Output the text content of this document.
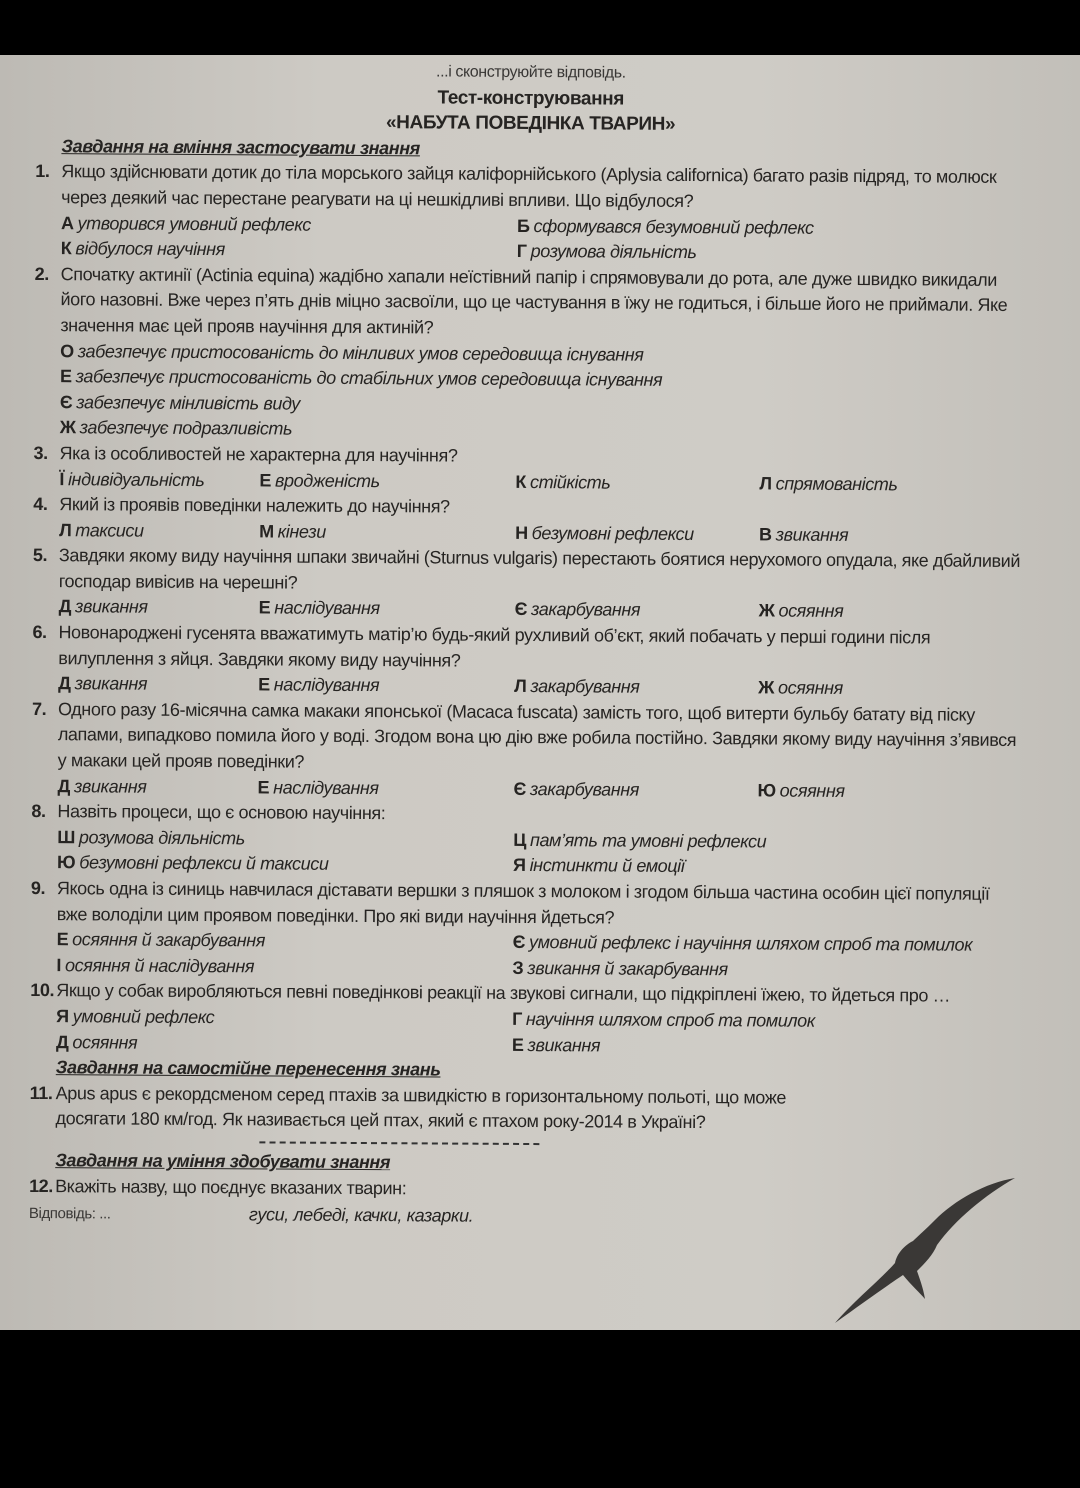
...і сконструюйте відповідь.
Тест-конструювання
«НАБУТА ПОВЕДІНКА ТВАРИН»
Завдання на вміння застосувати знання
1. Якщо здійснювати дотик до тіла морського зайця каліфорнійського (Aplysia californica) багато разів підряд, то молюск через деякий час перестане реагувати на ці нешкідливі впливи. Що відбулося?
А утворився умовний рефлекс	Б сформувався безумовний рефлекс
К відбулося научіння	Г розумова діяльність
2. Спочатку актинії (Actinia equina) жадібно хапали неїстівний папір і спрямовували до рота, але дуже швидко викидали його назовні. Вже через п’ять днів міцно засвоїли, що це частування в їжу не годиться, і більше його не приймали. Яке значення має цей прояв научіння для актиній?
О забезпечує пристосованість до мінливих умов середовища існування
Е забезпечує пристосованість до стабільних умов середовища існування
Є забезпечує мінливість виду
Ж забезпечує подразливість
3. Яка із особливостей не характерна для научіння?
Ї індивідуальність	Е вродженість	К стійкість	Л спрямованість
4. Який із проявів поведінки належить до научіння?
Л таксиси	М кінези	Н безумовні рефлекси	В звикання
5. Завдяки якому виду научіння шпаки звичайні (Sturnus vulgaris) перестають боятися нерухомого опудала, яке дбайливий господар вивісив на черешні?
Д звикання	Е наслідування	Є закарбування	Ж осяяння
6. Новонароджені гусенята вважатимуть матір’ю будь-який рухливий об’єкт, який побачать у перші години після вилуплення з яйця. Завдяки якому виду научіння?
Д звикання	Е наслідування	Л закарбування	Ж осяяння
7. Одного разу 16-місячна самка макаки японської (Macaca fuscata) замість того, щоб витерти бульбу батату від піску лапами, випадково помила його у воді. Згодом вона цю дію вже робила постійно. Завдяки якому виду научіння з’явився у макаки цей прояв поведінки?
Д звикання	Е наслідування	Є закарбування	Ю осяяння
8. Назвіть процеси, що є основою научіння:
Ш розумова діяльність	Ц пам’ять та умовні рефлекси
Ю безумовні рефлекси й таксиси	Я інстинкти й емоції
9. Якось одна із синиць навчилася діставати вершки з пляшок з молоком і згодом більша частина особин цієї популяції вже володіли цим проявом поведінки. Про які види научіння йдеться?
Е осяяння й закарбування	Є умовний рефлекс і научіння шляхом спроб та помилок
І осяяння й наслідування	З звикання й закарбування
10. Якщо у собак виробляються певні поведінкові реакції на звукові сигнали, що підкріплені їжею, то йдеться про …
Я умовний рефлекс	Г научіння шляхом спроб та помилок
Д осяяння	Е звикання
Завдання на самостійне перенесення знань
11. Apus apus є рекордсменом серед птахів за швидкістю в горизонтальному польоті, що може досягати 180 км/год. Як називається цей птах, який є птахом року-2014 в Україні?
Завдання на уміння здобувати знання
12. Вкажіть назву, що поєднує вказаних тварин:
Відповідь: ...	гуси, лебеді, качки, казарки.
